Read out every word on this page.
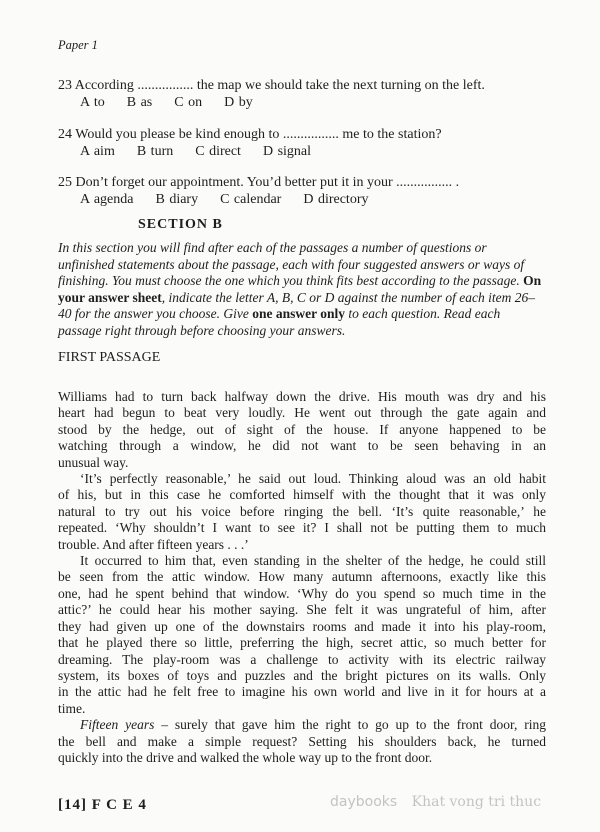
Paper 1
23 According ................ the map we should take the next turning on the left.
A to B as C on D by
24 Would you please be kind enough to ................ me to the station?
A aim B turn C direct D signal
25 Don’t forget our appointment. You’d better put it in your ................ .
A agenda B diary C calendar D directory
SECTION B
In this section you will find after each of the passages a number of questions or unfinished statements about the passage, each with four suggested answers or ways of finishing. You must choose the one which you think fits best according to the passage. On your answer sheet, indicate the letter A, B, C or D against the number of each item 26–40 for the answer you choose. Give one answer only to each question. Read each passage right through before choosing your answers.
FIRST PASSAGE
Williams had to turn back halfway down the drive. His mouth was dry and his
heart had begun to beat very loudly. He went out through the gate again and
stood by the hedge, out of sight of the house. If anyone happened to be
watching through a window, he did not want to be seen behaving in an
unusual way.
‘It’s perfectly reasonable,’ he said out loud. Thinking aloud was an old habit
of his, but in this case he comforted himself with the thought that it was only
natural to try out his voice before ringing the bell. ‘It’s quite reasonable,’ he
repeated. ‘Why shouldn’t I want to see it? I shall not be putting them to much
trouble. And after fifteen years . . .’
It occurred to him that, even standing in the shelter of the hedge, he could still
be seen from the attic window. How many autumn afternoons, exactly like this
one, had he spent behind that window. ‘Why do you spend so much time in the
attic?’ he could hear his mother saying. She felt it was ungrateful of him, after
they had given up one of the downstairs rooms and made it into his play-room,
that he played there so little, preferring the high, secret attic, so much better for
dreaming. The play-room was a challenge to activity with its electric railway
system, its boxes of toys and puzzles and the bright pictures on its walls. Only
in the attic had he felt free to imagine his own world and live in it for hours at a
time.
Fifteen years – surely that gave him the right to go up to the front door, ring
the bell and make a simple request? Setting his shoulders back, he turned
quickly into the drive and walked the whole way up to the front door.
[14] F C E 4	daybooks Khat vong tri thuc
